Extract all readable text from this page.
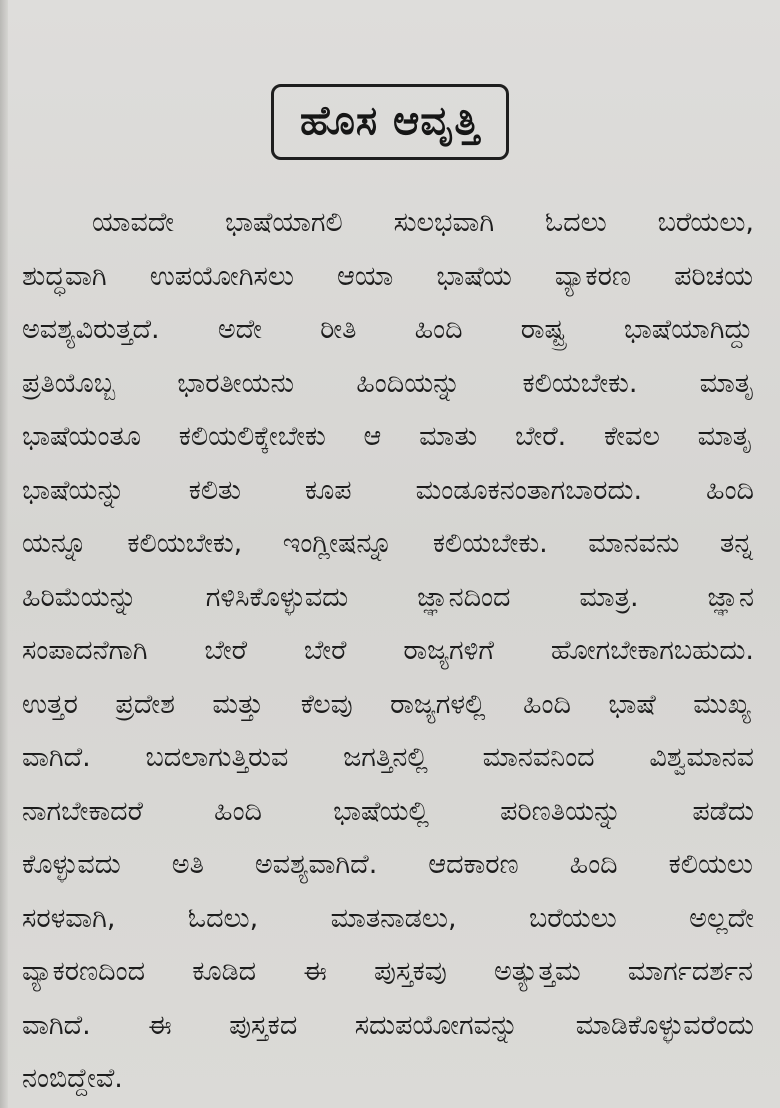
ಹೊಸ ಆವೃತ್ತಿ
ಯಾವದೇ ಭಾಷೆಯಾಗಲಿ ಸುಲಭವಾಗಿ ಓದಲು ಬರೆಯಲು,
ಶುದ್ಧವಾಗಿ ಉಪಯೋಗಿಸಲು ಆಯಾ ಭಾಷೆಯ ವ್ಯಾಕರಣ ಪರಿಚಯ
ಅವಶ್ಯವಿರುತ್ತದೆ. ಅದೇ ರೀತಿ ಹಿಂದಿ ರಾಷ್ಟ್ರ ಭಾಷೆಯಾಗಿದ್ದು
ಪ್ರತಿಯೊಬ್ಬ ಭಾರತೀಯನು ಹಿಂದಿಯನ್ನು ಕಲಿಯಬೇಕು. ಮಾತೃ
ಭಾಷೆಯಂತೂ ಕಲಿಯಲಿಕ್ಕೇಬೇಕು ಆ ಮಾತು ಬೇರೆ. ಕೇವಲ ಮಾತೃ
ಭಾಷೆಯನ್ನು ಕಲಿತು ಕೂಪ ಮಂಡೂಕನಂತಾಗಬಾರದು. ಹಿಂದಿ
ಯನ್ನೂ ಕಲಿಯಬೇಕು, ಇಂಗ್ಲೀಷನ್ನೂ ಕಲಿಯಬೇಕು. ಮಾನವನು ತನ್ನ
ಹಿರಿಮೆಯನ್ನು	ಗಳಿಸಿಕೊಳ್ಳುವದು	ಜ್ಞಾನದಿಂದ	ಮಾತ್ರ.	ಜ್ಞಾನ
ಸಂಪಾದನೆಗಾಗಿ ಬೇರೆ ಬೇರೆ ರಾಜ್ಯಗಳಿಗೆ ಹೋಗಬೇಕಾಗಬಹುದು.
ಉತ್ತರ ಪ್ರದೇಶ ಮತ್ತು ಕೆಲವು ರಾಜ್ಯಗಳಲ್ಲಿ ಹಿಂದಿ ಭಾಷೆ ಮುಖ್ಯ
ವಾಗಿದೆ. ಬದಲಾಗುತ್ತಿರುವ ಜಗತ್ತಿನಲ್ಲಿ ಮಾನವನಿಂದ ವಿಶ್ವಮಾನವ
ನಾಗಬೇಕಾದರೆ	ಹಿಂದಿ	ಭಾಷೆಯಲ್ಲಿ	ಪರಿಣತಿಯನ್ನು	ಪಡೆದು
ಕೊಳ್ಳುವದು ಅತಿ ಅವಶ್ಯವಾಗಿದೆ. ಆದಕಾರಣ ಹಿಂದಿ ಕಲಿಯಲು
ಸರಳವಾಗಿ,	ಓದಲು,	ಮಾತನಾಡಲು,	ಬರೆಯಲು	ಅಲ್ಲದೇ
ವ್ಯಾಕರಣದಿಂದ ಕೂಡಿದ ಈ ಪುಸ್ತಕವು ಅತ್ಯುತ್ತಮ ಮಾರ್ಗದರ್ಶನ
ವಾಗಿದೆ. ಈ ಪುಸ್ತಕದ ಸದುಪಯೋಗವನ್ನು ಮಾಡಿಕೊಳ್ಳುವರೆಂದು
ನಂಬಿದ್ದೇವೆ.
